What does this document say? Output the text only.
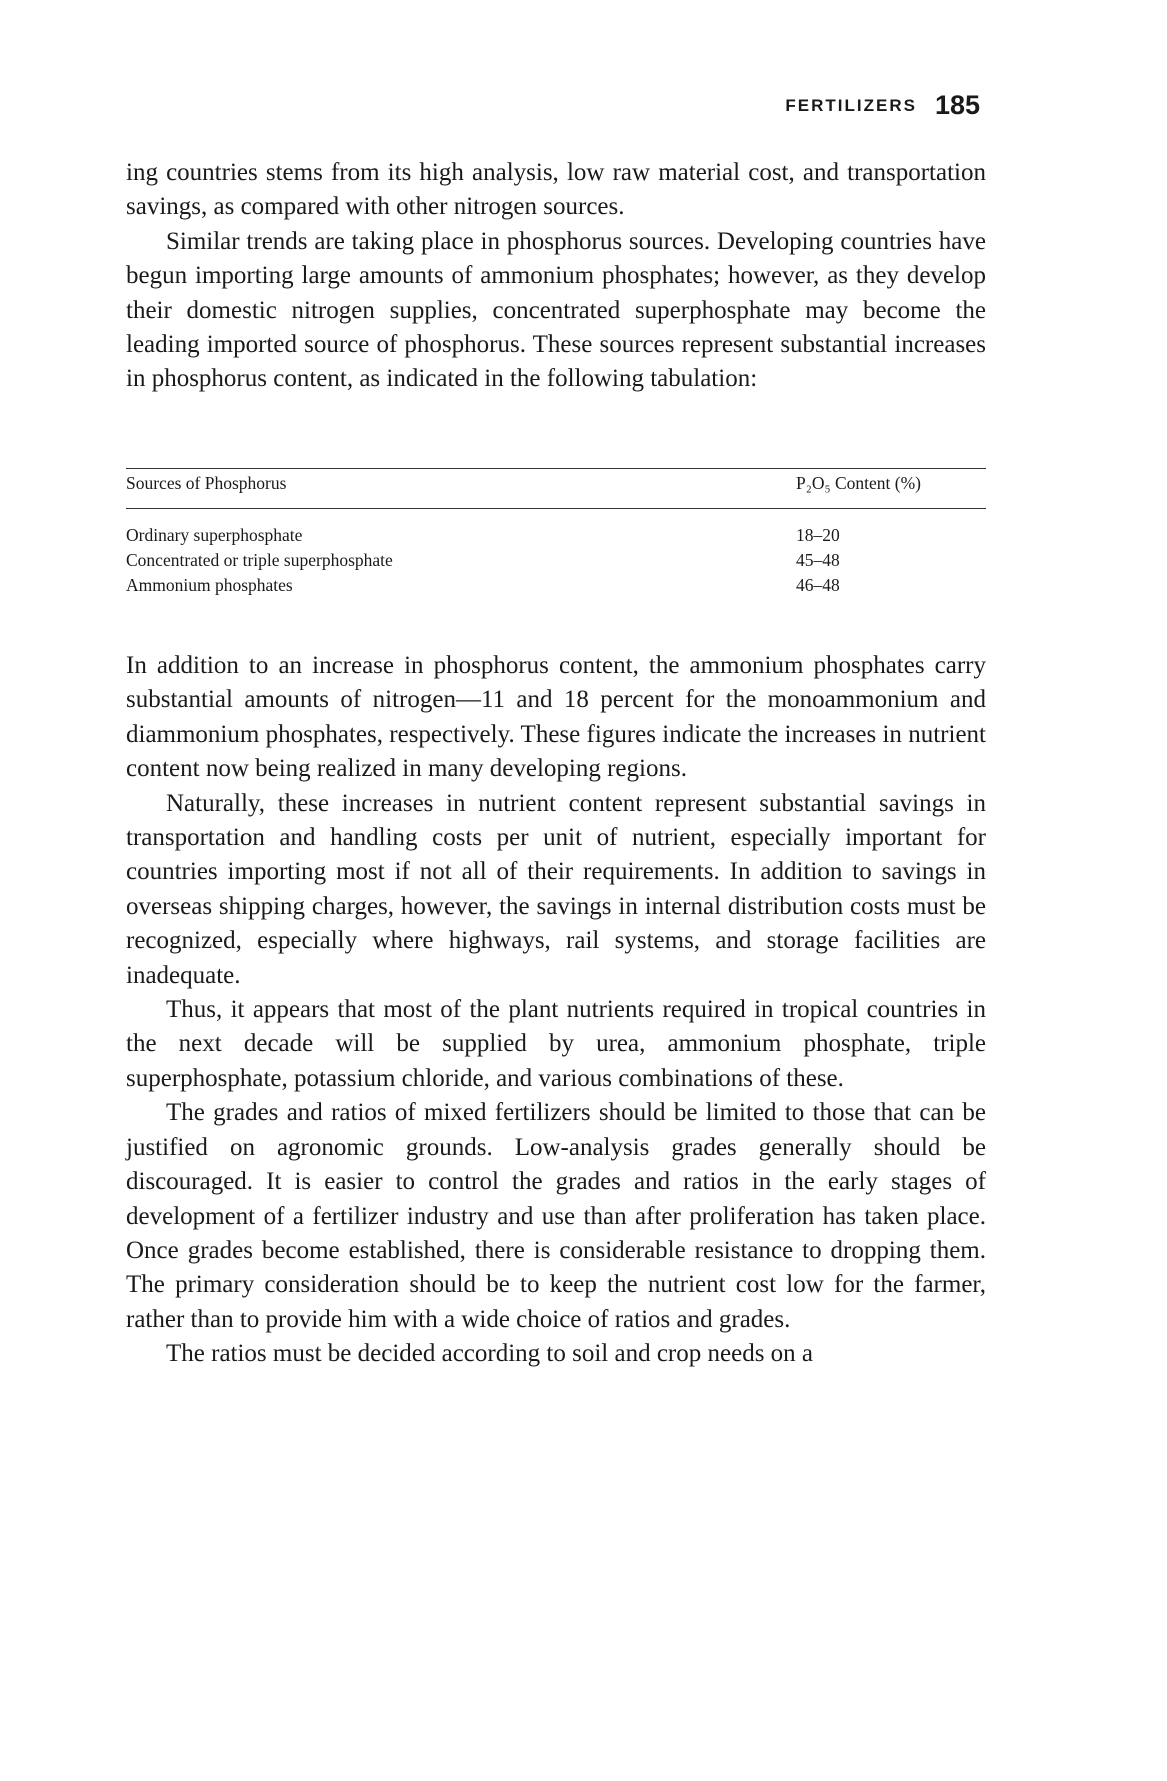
FERTILIZERS 185

ing countries stems from its high analysis, low raw material cost, and transportation savings, as compared with other nitrogen sources.

Similar trends are taking place in phosphorus sources. Developing countries have begun importing large amounts of ammonium phosphates; however, as they develop their domestic nitrogen supplies, concentrated superphosphate may become the leading imported source of phosphorus. These sources represent substantial increases in phosphorus content, as indicated in the following tabulation:

Sources of Phosphorus	P₂O₅ Content (%)
Ordinary superphosphate	18–20
Concentrated or triple superphosphate	45–48
Ammonium phosphates	46–48

In addition to an increase in phosphorus content, the ammonium phosphates carry substantial amounts of nitrogen—11 and 18 percent for the monoammonium and diammonium phosphates, respectively. These figures indicate the increases in nutrient content now being realized in many developing regions.

Naturally, these increases in nutrient content represent substantial savings in transportation and handling costs per unit of nutrient, especially important for countries importing most if not all of their requirements. In addition to savings in overseas shipping charges, however, the savings in internal distribution costs must be recognized, especially where highways, rail systems, and storage facilities are inadequate.

Thus, it appears that most of the plant nutrients required in tropical countries in the next decade will be supplied by urea, ammonium phosphate, triple superphosphate, potassium chloride, and various combinations of these.

The grades and ratios of mixed fertilizers should be limited to those that can be justified on agronomic grounds. Low-analysis grades generally should be discouraged. It is easier to control the grades and ratios in the early stages of development of a fertilizer industry and use than after proliferation has taken place. Once grades become established, there is considerable resistance to dropping them. The primary consideration should be to keep the nutrient cost low for the farmer, rather than to provide him with a wide choice of ratios and grades.

The ratios must be decided according to soil and crop needs on a
